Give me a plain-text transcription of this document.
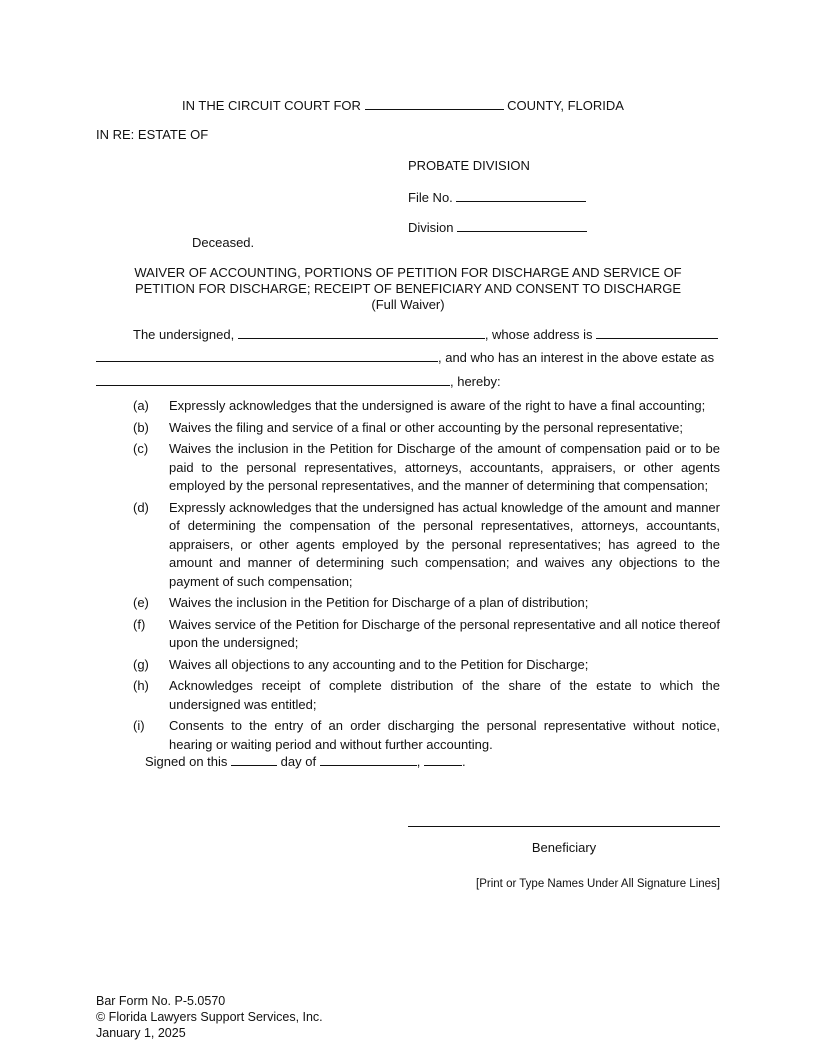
IN THE CIRCUIT COURT FOR	COUNTY, FLORIDA
IN RE: ESTATE OF
PROBATE DIVISION
File No.
Division
Deceased.
WAIVER OF ACCOUNTING, PORTIONS OF PETITION FOR DISCHARGE AND SERVICE OF
PETITION FOR DISCHARGE; RECEIPT OF BENEFICIARY AND CONSENT TO DISCHARGE
(Full Waiver)
The undersigned,	, whose address is
, and who has an interest in the above estate as
, hereby:
(a) Expressly acknowledges that the undersigned is aware of the right to have a final accounting;
(b) Waives the filing and service of a final or other accounting by the personal representative;
(c) Waives the inclusion in the Petition for Discharge of the amount of compensation paid or to be paid to the personal representatives, attorneys, accountants, appraisers, or other agents employed by the personal representatives, and the manner of determining that compensation;
(d) Expressly acknowledges that the undersigned has actual knowledge of the amount and manner of determining the compensation of the personal representatives, attorneys, accountants, appraisers, or other agents employed by the personal representatives; has agreed to the amount and manner of determining such compensation; and waives any objections to the payment of such compensation;
(e) Waives the inclusion in the Petition for Discharge of a plan of distribution;
(f) Waives service of the Petition for Discharge of the personal representative and all notice thereof upon the undersigned;
(g) Waives all objections to any accounting and to the Petition for Discharge;
(h) Acknowledges receipt of complete distribution of the share of the estate to which the undersigned was entitled;
(i) Consents to the entry of an order discharging the personal representative without notice, hearing or waiting period and without further accounting.
Signed on this	day of	,	.
Beneficiary
[Print or Type Names Under All Signature Lines]
Bar Form No. P-5.0570
© Florida Lawyers Support Services, Inc.
January 1, 2025
